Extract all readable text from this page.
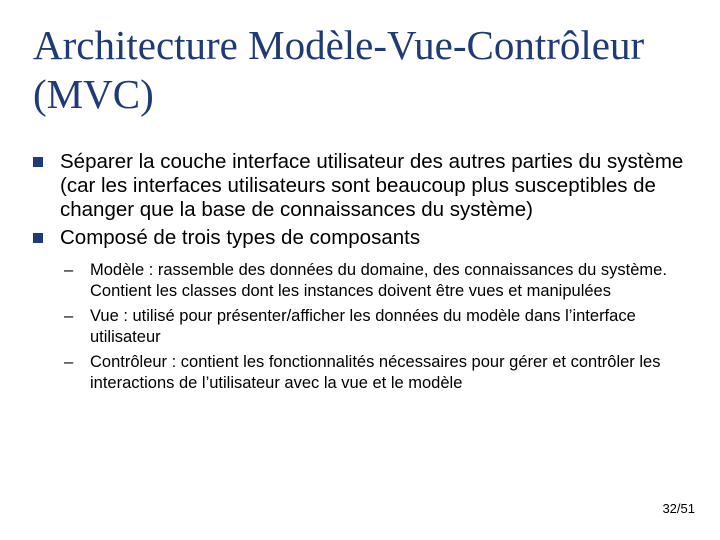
Architecture Modèle-Vue-Contrôleur (MVC)
Séparer la couche interface utilisateur des autres parties du système (car les interfaces utilisateurs sont beaucoup plus susceptibles de changer que la base de connaissances du système)
Composé de trois types de composants
– Modèle : rassemble des données du domaine, des connaissances du système. Contient les classes dont les instances doivent être vues et manipulées
– Vue : utilisé pour présenter/afficher les données du modèle dans l’interface utilisateur
– Contrôleur : contient les fonctionnalités nécessaires pour gérer et contrôler les interactions de l’utilisateur avec la vue et le modèle
32/51
